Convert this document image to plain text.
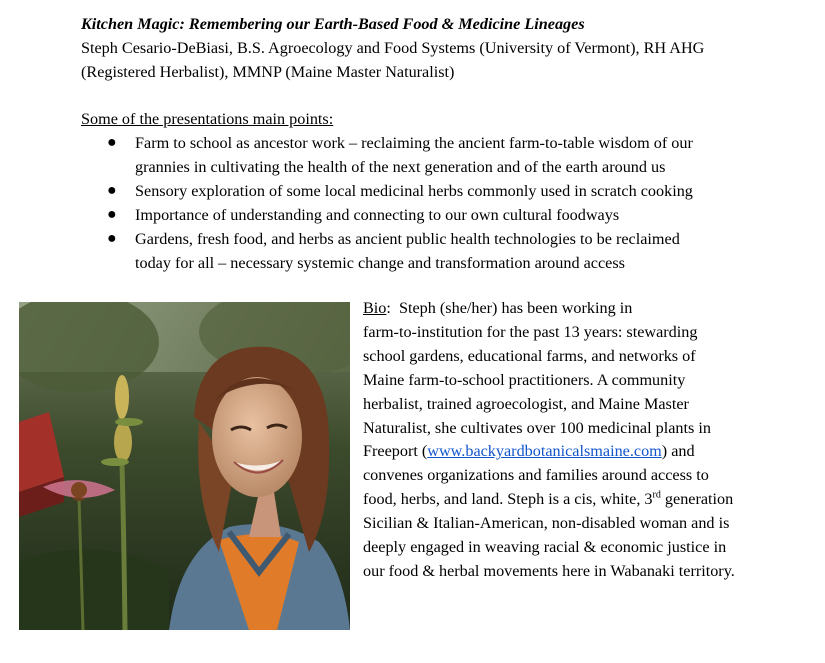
Kitchen Magic: Remembering our Earth-Based Food & Medicine Lineages
Steph Cesario-DeBiasi, B.S. Agroecology and Food Systems (University of Vermont), RH AHG
(Registered Herbalist), MMNP (Maine Master Naturalist)
Some of the presentations main points:
● Farm to school as ancestor work – reclaiming the ancient farm-to-table wisdom of our
grannies in cultivating the health of the next generation and of the earth around us
● Sensory exploration of some local medicinal herbs commonly used in scratch cooking
● Importance of understanding and connecting to our own cultural foodways
● Gardens, fresh food, and herbs as ancient public health technologies to be reclaimed
today for all – necessary systemic change and transformation around access
Bio:  Steph (she/her) has been working in
farm-to-institution for the past 13 years: stewarding
school gardens, educational farms, and networks of
Maine farm-to-school practitioners. A community
herbalist, trained agroecologist, and Maine Master
Naturalist, she cultivates over 100 medicinal plants in
Freeport (www.backyardbotanicalsmaine.com) and
convenes organizations and families around access to
food, herbs, and land. Steph is a cis, white, 3rd generation
Sicilian & Italian-American, non-disabled woman and is
deeply engaged in weaving racial & economic justice in
our food & herbal movements here in Wabanaki territory.
